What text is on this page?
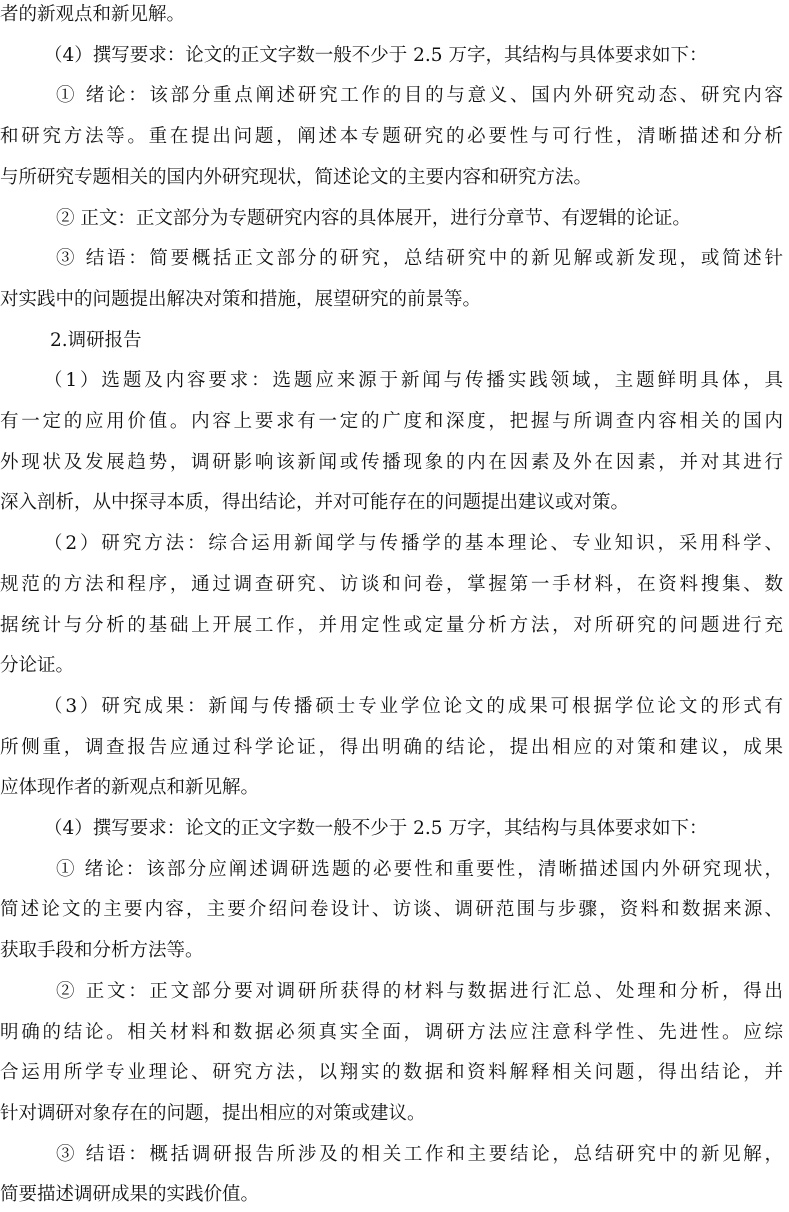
者的新观点和新见解。
（4）撰写要求：论文的正文字数一般不少于 2.5 万字，其结构与具体要求如下：
① 绪论：该部分重点阐述研究工作的目的与意义、国内外研究动态、研究内容
和研究方法等。重在提出问题，阐述本专题研究的必要性与可行性，清晰描述和分析
与所研究专题相关的国内外研究现状，简述论文的主要内容和研究方法。
② 正文：正文部分为专题研究内容的具体展开，进行分章节、有逻辑的论证。
③ 结语：简要概括正文部分的研究，总结研究中的新见解或新发现，或简述针
对实践中的问题提出解决对策和措施，展望研究的前景等。
2.调研报告
（1）选题及内容要求：选题应来源于新闻与传播实践领域，主题鲜明具体，具
有一定的应用价值。内容上要求有一定的广度和深度，把握与所调查内容相关的国内
外现状及发展趋势，调研影响该新闻或传播现象的内在因素及外在因素，并对其进行
深入剖析，从中探寻本质，得出结论，并对可能存在的问题提出建议或对策。
（2）研究方法：综合运用新闻学与传播学的基本理论、专业知识，采用科学、
规范的方法和程序，通过调查研究、访谈和问卷，掌握第一手材料，在资料搜集、数
据统计与分析的基础上开展工作，并用定性或定量分析方法，对所研究的问题进行充
分论证。
（3）研究成果：新闻与传播硕士专业学位论文的成果可根据学位论文的形式有
所侧重，调查报告应通过科学论证，得出明确的结论，提出相应的对策和建议，成果
应体现作者的新观点和新见解。
（4）撰写要求：论文的正文字数一般不少于 2.5 万字，其结构与具体要求如下：
① 绪论：该部分应阐述调研选题的必要性和重要性，清晰描述国内外研究现状，
简述论文的主要内容，主要介绍问卷设计、访谈、调研范围与步骤，资料和数据来源、
获取手段和分析方法等。
② 正文：正文部分要对调研所获得的材料与数据进行汇总、处理和分析，得出
明确的结论。相关材料和数据必须真实全面，调研方法应注意科学性、先进性。应综
合运用所学专业理论、研究方法，以翔实的数据和资料解释相关问题，得出结论，并
针对调研对象存在的问题，提出相应的对策或建议。
③ 结语：概括调研报告所涉及的相关工作和主要结论，总结研究中的新见解，
简要描述调研成果的实践价值。
